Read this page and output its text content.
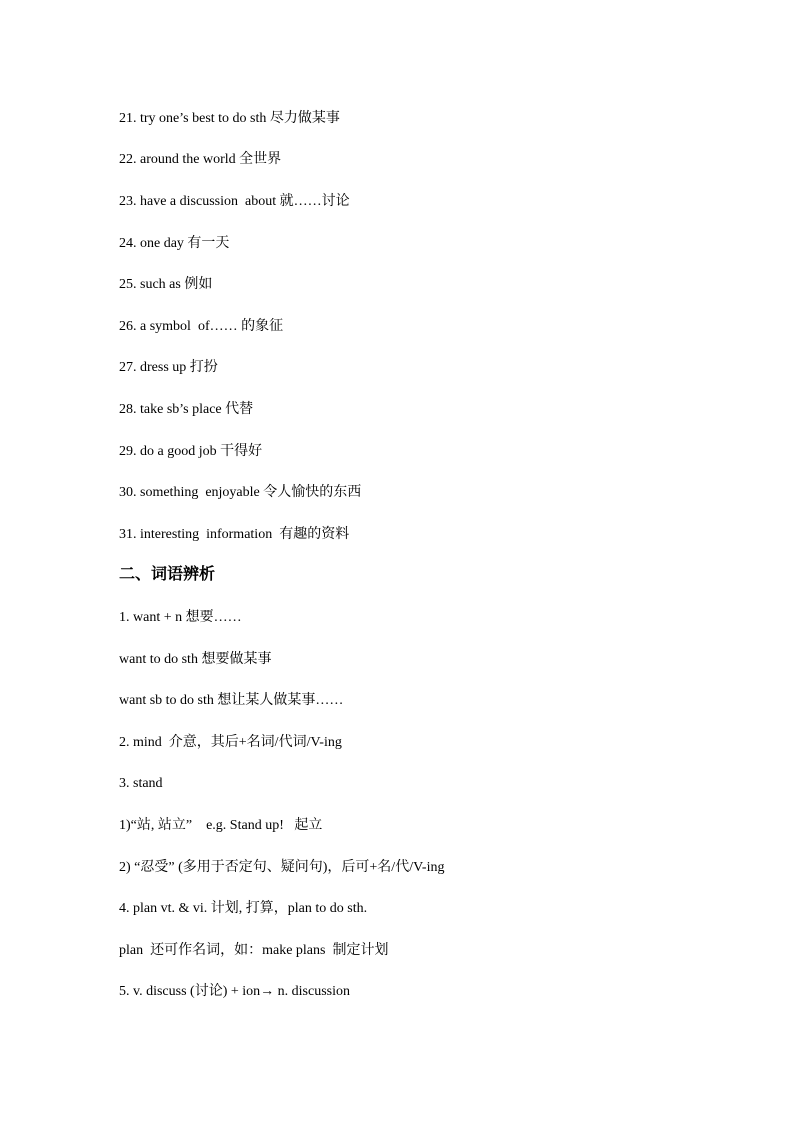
21. try one’s best to do sth 尽力做某事
22. around the world 全世界
23. have a discussion  about 就……讨论
24. one day 有一天
25. such as 例如
26. a symbol  of…… 的象征
27. dress up 打扮
28. take sb’s place 代替
29. do a good job 干得好
30. something  enjoyable 令人愉快的东西
31. interesting  information  有趣的资料
二、词语辨析
1. want + n 想要……
want to do sth 想要做某事
want sb to do sth 想让某人做某事……
2. mind  介意，其后+名词/代词/V-ing
3. stand
1)“站, 站立”    e.g. Stand up!   起立
2) “忍受” (多用于否定句、疑问句)，后可+名/代/V-ing
4. plan vt. & vi. 计划, 打算，plan to do sth.
plan  还可作名词，如：make plans  制定计划
5. v. discuss (讨论) + ion→ n. discussion
